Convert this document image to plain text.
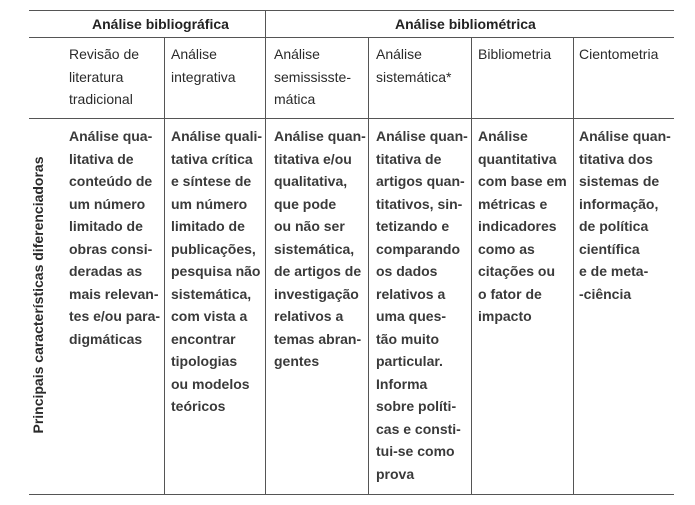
Análise bibliográfica	Análise bibliométrica
Revisão de
literatura
tradicional
Análise
integrativa
Análise
semississte-
mática
Análise
sistemática*
Bibliometria Cientometria
Principais características diferenciadoras
Análise qua-
litativa de
conteúdo de
um número
limitado de
obras consi-
deradas as
mais relevan-
tes e/ou para-
digmáticas
Análise quali-
tativa crítica
e síntese de
um número
limitado de
publicações,
pesquisa não
sistemática,
com vista a
encontrar
tipologias
ou modelos
teóricos
Análise quan-
titativa e/ou
qualitativa,
que pode
ou não ser
sistemática,
de artigos de
investigação
relativos a
temas abran-
gentes
Análise quan-
titativa de
artigos quan-
titativos, sin-
tetizando e
comparando
os dados
relativos a
uma ques-
tão muito
particular.
Informa
sobre políti-
cas e consti-
tui-se como
prova
Análise
quantitativa
com base em
métricas e
indicadores
como as
citações ou
o fator de
impacto
Análise quan-
titativa dos
sistemas de
informação,
de política
científica
e de meta-
-ciência
